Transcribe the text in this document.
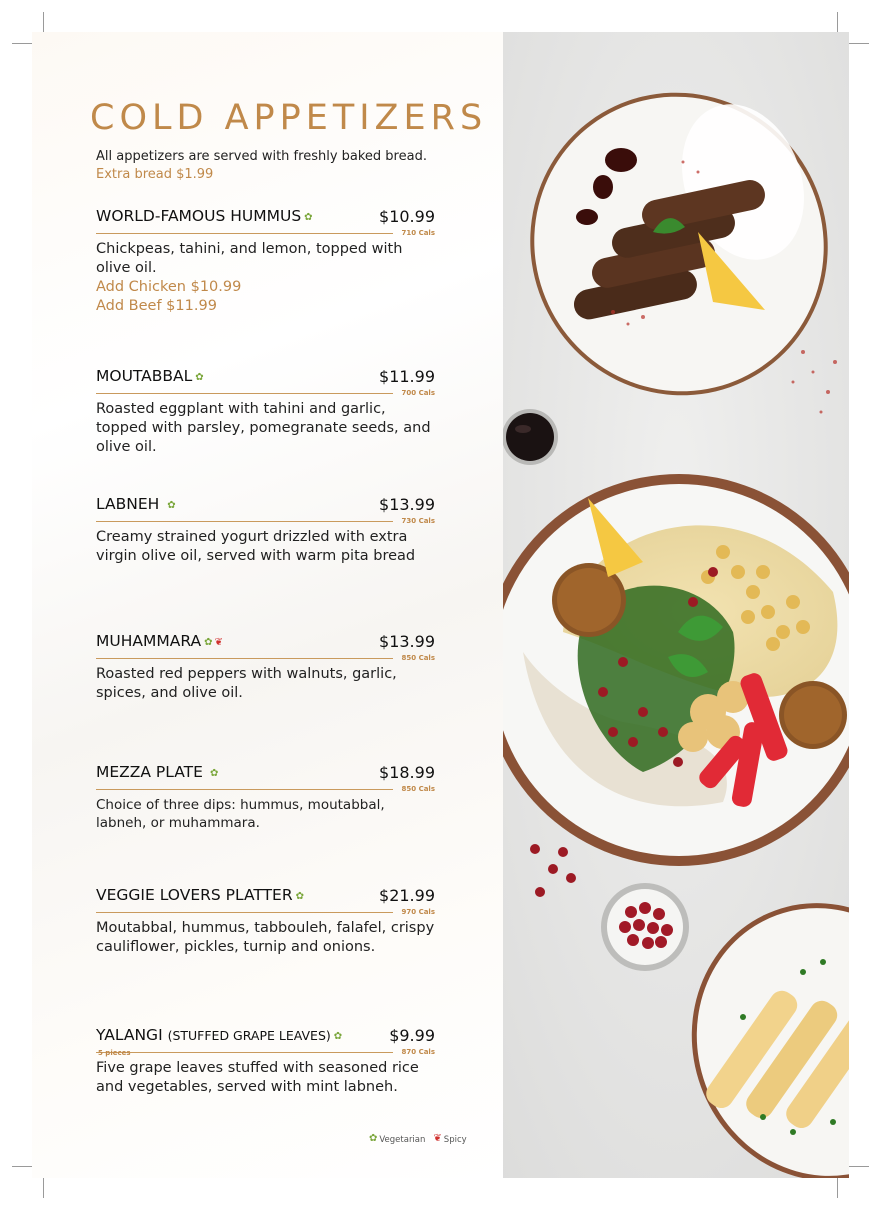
COLD APPETIZERS
All appetizers are served with freshly baked bread.
Extra bread $1.99
WORLD-FAMOUS HUMMUS ✿	$10.99
710 Cals
Chickpeas, tahini, and lemon, topped with olive oil.
Add Chicken $10.99
Add Beef $11.99
MOUTABBAL ✿	$11.99
700 Cals
Roasted eggplant with tahini and garlic, topped with parsley, pomegranate seeds, and olive oil.
LABNEH ✿	$13.99
730 Cals
Creamy strained yogurt drizzled with extra virgin olive oil, served with warm pita bread
MUHAMMARA ✿ ❦	$13.99
850 Cals
Roasted red peppers with walnuts, garlic, spices, and olive oil.
MEZZA PLATE ✿	$18.99
850 Cals
Choice of three dips: hummus, moutabbal, labneh, or muhammara.
VEGGIE LOVERS PLATTER ✿	$21.99
970 Cals
Moutabbal, hummus, tabbouleh, falafel, crispy cauliflower, pickles, turnip and onions.
YALANGI (STUFFED GRAPE LEAVES) ✿	$9.99
5 pieces	870 Cals
Five grape leaves stuffed with seasoned rice and vegetables, served with mint labneh.
✿ Vegetarian ❦ Spicy
